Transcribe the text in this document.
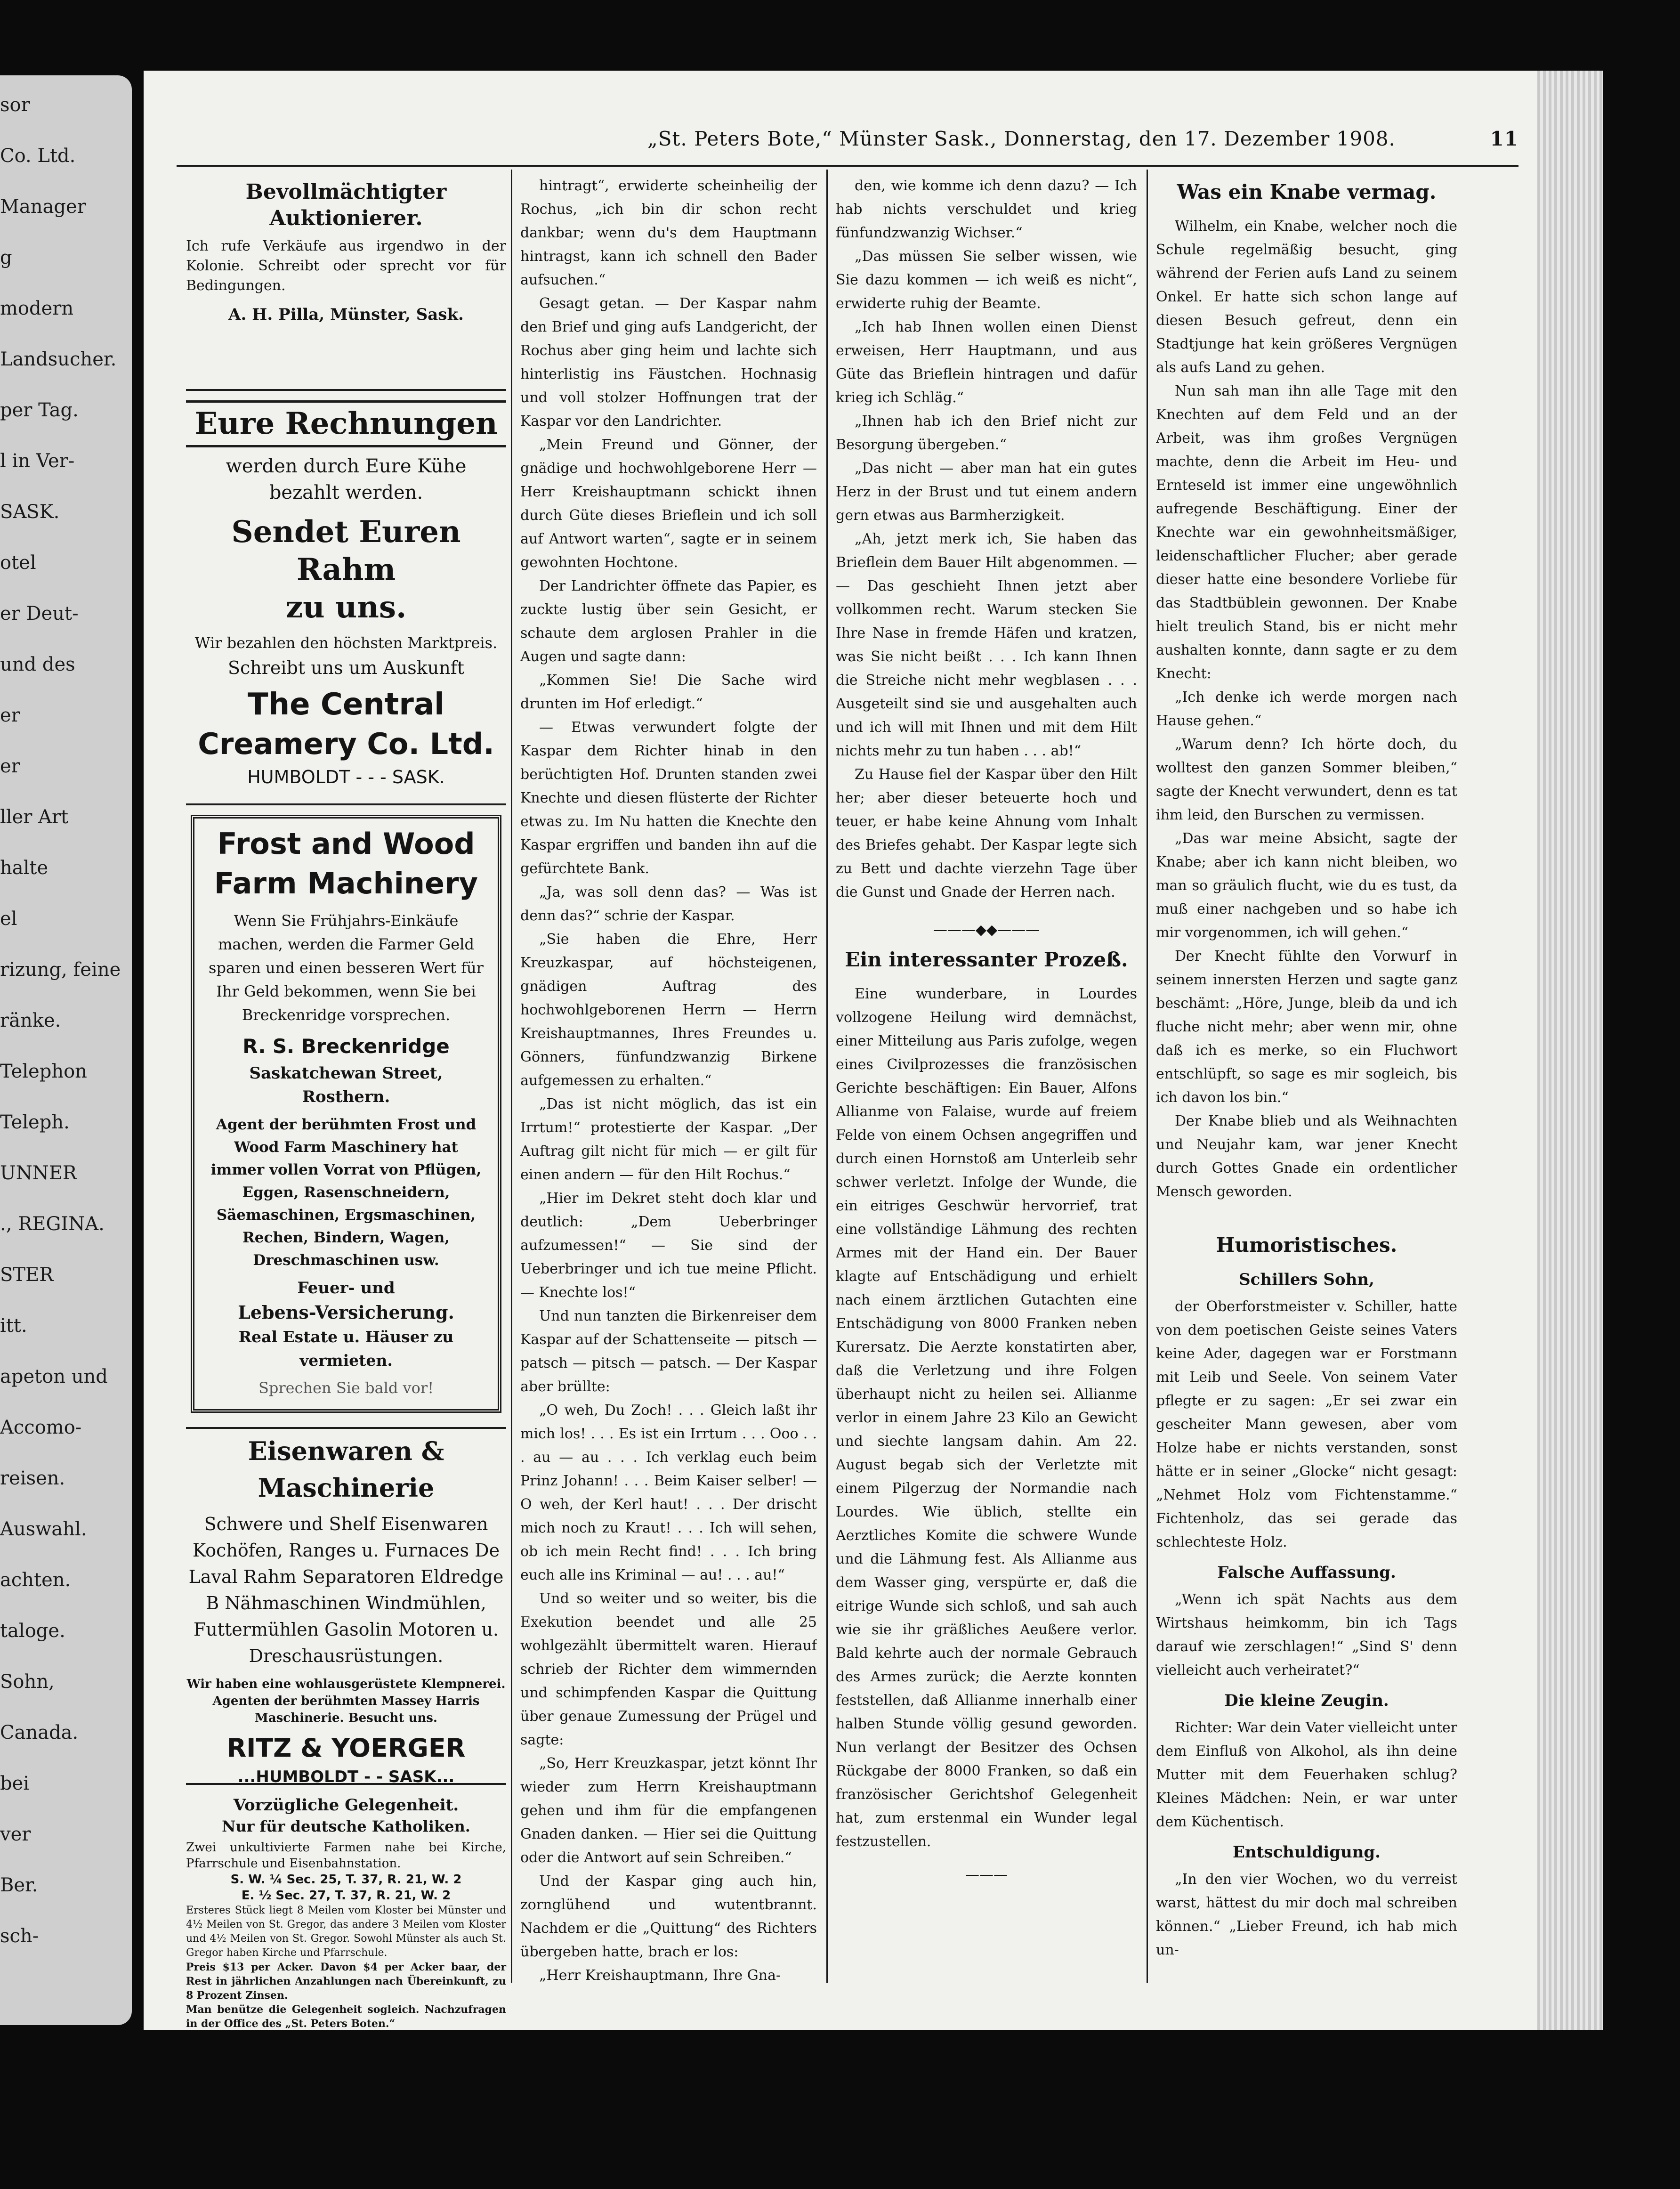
sor
Co. Ltd.
Manager
g
modern
Landsucher.
per Tag.
l in Ver-
SASK.
otel
er Deut-
und des
er
er
ller Art
halte
el
rizung, feine
ränke.
Telephon
Teleph.
UNNER
., REGINA.
STER
itt.
apeton und
Accomo-
reisen.
Auswahl.
achten.
taloge.
Sohn,
Canada.
bei
ver
Ber.
sch-
„St. Peters Bote,“ Münster Sask., Donnerstag, den 17. Dezember 1908.	11
Bevollmächtigter Auktionierer.
Ich rufe Verkäufe aus irgendwo in der Kolonie. Schreibt oder sprecht vor für Bedingungen.
A. H. Pilla, Münster, Sask.
Eure Rechnungen
werden durch Eure Kühe
bezahlt werden.
Sendet Euren Rahm
zu uns.
Wir bezahlen den höchsten Marktpreis.
Schreibt uns um Auskunft
The Central
Creamery Co. Ltd.
HUMBOLDT - - - SASK.
Frost and Wood
Farm Machinery
Wenn Sie Frühjahrs-Einkäufe machen, werden die Farmer Geld sparen und einen besseren Wert für Ihr Geld bekommen, wenn Sie bei Breckenridge vorsprechen.
R. S. Breckenridge
Saskatchewan Street, Rosthern.
Agent der berühmten Frost und Wood Farm Maschinery hat immer vollen Vorrat von Pflügen, Eggen, Rasenschneidern, Säemaschinen, Ergsmaschinen, Rechen, Bindern, Wagen, Dreschmaschinen usw.
Feuer- und
Lebens-Versicherung.
Real Estate u. Häuser zu vermieten.
Sprechen Sie bald vor!
Eisenwaren & Maschinerie
Schwere und Shelf Eisenwaren Kochöfen, Ranges u. Furnaces De Laval Rahm Separatoren Eldredge B Nähmaschinen Windmühlen, Futtermühlen Gasolin Motoren u. Dreschausrüstungen.
Wir haben eine wohlausgerüstete Klempnerei. Agenten der berühmten Massey Harris Maschinerie. Besucht uns.
RITZ & YOERGER
...HUMBOLDT - - SASK...
Vorzügliche Gelegenheit.
Nur für deutsche Katholiken.
Zwei unkultivierte Farmen nahe bei Kirche, Pfarrschule und Eisenbahnstation.
S. W. ¼ Sec. 25, T. 37, R. 21, W. 2
E. ½ Sec. 27, T. 37, R. 21, W. 2
Ersteres Stück liegt 8 Meilen vom Kloster bei Münster und 4½ Meilen von St. Gregor, das andere 3 Meilen vom Kloster und 4½ Meilen von St. Gregor. Sowohl Münster als auch St. Gregor haben Kirche und Pfarrschule.
Preis $13 per Acker. Davon $4 per Acker baar, der Rest in jährlichen Anzahlungen nach Übereinkunft, zu 8 Prozent Zinsen.
Man benütze die Gelegenheit sogleich. Nachzufragen in der Office des „St. Peters Boten.“

hintragt“, erwiderte scheinheilig der Rochus, „ich bin dir schon recht dankbar; wenn du's dem Hauptmann hintragst, kann ich schnell den Bader aufsuchen.“

Gesagt getan. — Der Kaspar nahm den Brief und ging aufs Landgericht, der Rochus aber ging heim und lachte sich hinterlistig ins Fäustchen. Hochnasig und voll stolzer Hoffnungen trat der Kaspar vor den Landrichter.

„Mein Freund und Gönner, der gnädige und hochwohlgeborene Herr — Herr Kreishauptmann schickt ihnen durch Güte dieses Brieflein und ich soll auf Antwort warten“, sagte er in seinem gewohnten Hochtone.

Der Landrichter öffnete das Papier, es zuckte lustig über sein Gesicht, er schaute dem arglosen Prahler in die Augen und sagte dann:

„Kommen Sie! Die Sache wird drunten im Hof erledigt.“

— Etwas verwundert folgte der Kaspar dem Richter hinab in den berüchtigten Hof. Drunten standen zwei Knechte und diesen flüsterte der Richter etwas zu. Im Nu hatten die Knechte den Kaspar ergriffen und banden ihn auf die gefürchtete Bank.

„Ja, was soll denn das? — Was ist denn das?“ schrie der Kaspar.

„Sie haben die Ehre, Herr Kreuzkaspar, auf höchsteigenen, gnädigen Auftrag des hochwohlgeborenen Herrn — Herrn Kreishauptmannes, Ihres Freundes u. Gönners, fünfundzwanzig Birkene aufgemessen zu erhalten.“

„Das ist nicht möglich, das ist ein Irrtum!“ protestierte der Kaspar. „Der Auftrag gilt nicht für mich — er gilt für einen andern — für den Hilt Rochus.“

„Hier im Dekret steht doch klar und deutlich: „Dem Ueberbringer aufzumessen!“ — Sie sind der Ueberbringer und ich tue meine Pflicht. — Knechte los!“

Und nun tanzten die Birkenreiser dem Kaspar auf der Schattenseite — pitsch — patsch — pitsch — patsch. — Der Kaspar aber brüllte:

„O weh, Du Zoch! . . . Gleich laßt ihr mich los! . . . Es ist ein Irrtum . . . Ooo . . . au — au . . . Ich verklag euch beim Prinz Johann! . . . Beim Kaiser selber! — O weh, der Kerl haut! . . . Der drischt mich noch zu Kraut! . . . Ich will sehen, ob ich mein Recht find! . . . Ich bring euch alle ins Kriminal — au! . . . au!“

Und so weiter und so weiter, bis die Exekution beendet und alle 25 wohlgezählt übermittelt waren. Hierauf schrieb der Richter dem wimmernden und schimpfenden Kaspar die Quittung über genaue Zumessung der Prügel und sagte:

„So, Herr Kreuzkaspar, jetzt könnt Ihr wieder zum Herrn Kreishauptmann gehen und ihm für die empfangenen Gnaden danken. — Hier sei die Quittung oder die Antwort auf sein Schreiben.“

Und der Kaspar ging auch hin, zornglühend und wutentbrannt. Nachdem er die „Quittung“ des Richters übergeben hatte, brach er los:

„Herr Kreishauptmann, Ihre Gna-

den, wie komme ich denn dazu? — Ich hab nichts verschuldet und krieg fünfundzwanzig Wichser.“

„Das müssen Sie selber wissen, wie Sie dazu kommen — ich weiß es nicht“, erwiderte ruhig der Beamte.

„Ich hab Ihnen wollen einen Dienst erweisen, Herr Hauptmann, und aus Güte das Brieflein hintragen und dafür krieg ich Schläg.“

„Ihnen hab ich den Brief nicht zur Besorgung übergeben.“

„Das nicht — aber man hat ein gutes Herz in der Brust und tut einem andern gern etwas aus Barmherzigkeit.

„Ah, jetzt merk ich, Sie haben das Brieflein dem Bauer Hilt abgenommen. — — Das geschieht Ihnen jetzt aber vollkommen recht. Warum stecken Sie Ihre Nase in fremde Häfen und kratzen, was Sie nicht beißt . . . Ich kann Ihnen die Streiche nicht mehr wegblasen . . . Ausgeteilt sind sie und ausgehalten auch und ich will mit Ihnen und mit dem Hilt nichts mehr zu tun haben . . . ab!“

Zu Hause fiel der Kaspar über den Hilt her; aber dieser beteuerte hoch und teuer, er habe keine Ahnung vom Inhalt des Briefes gehabt. Der Kaspar legte sich zu Bett und dachte vierzehn Tage über die Gunst und Gnade der Herren nach.

———◆◆———
Ein interessanter Prozeß.

Eine wunderbare, in Lourdes vollzogene Heilung wird demnächst, einer Mitteilung aus Paris zufolge, wegen eines Civilprozesses die französischen Gerichte beschäftigen: Ein Bauer, Alfons Allianme von Falaise, wurde auf freiem Felde von einem Ochsen angegriffen und durch einen Hornstoß am Unterleib sehr schwer verletzt. Infolge der Wunde, die ein eitriges Geschwür hervorrief, trat eine vollständige Lähmung des rechten Armes mit der Hand ein. Der Bauer klagte auf Entschädigung und erhielt nach einem ärztlichen Gutachten eine Entschädigung von 8000 Franken neben Kurersatz. Die Aerzte konstatirten aber, daß die Verletzung und ihre Folgen überhaupt nicht zu heilen sei. Allianme verlor in einem Jahre 23 Kilo an Gewicht und siechte langsam dahin. Am 22. August begab sich der Verletzte mit einem Pilgerzug der Normandie nach Lourdes. Wie üblich, stellte ein Aerztliches Komite die schwere Wunde und die Lähmung fest. Als Allianme aus dem Wasser ging, verspürte er, daß die eitrige Wunde sich schloß, und sah auch wie sie ihr gräßliches Aeußere verlor. Bald kehrte auch der normale Gebrauch des Armes zurück; die Aerzte konnten feststellen, daß Allianme innerhalb einer halben Stunde völlig gesund geworden. Nun verlangt der Besitzer des Ochsen Rückgabe der 8000 Franken, so daß ein französischer Gerichtshof Gelegenheit hat, zum erstenmal ein Wunder legal festzustellen.

———
Was ein Knabe vermag.

Wilhelm, ein Knabe, welcher noch die Schule regelmäßig besucht, ging während der Ferien aufs Land zu seinem Onkel. Er hatte sich schon lange auf diesen Besuch gefreut, denn ein Stadtjunge hat kein größeres Vergnügen als aufs Land zu gehen.

Nun sah man ihn alle Tage mit den Knechten auf dem Feld und an der Arbeit, was ihm großes Vergnügen machte, denn die Arbeit im Heu- und Ernteseld ist immer eine ungewöhnlich aufregende Beschäftigung. Einer der Knechte war ein gewohnheitsmäßiger, leidenschaftlicher Flucher; aber gerade dieser hatte eine besondere Vorliebe für das Stadtbüblein gewonnen. Der Knabe hielt treulich Stand, bis er nicht mehr aushalten konnte, dann sagte er zu dem Knecht:

„Ich denke ich werde morgen nach Hause gehen.“

„Warum denn? Ich hörte doch, du wolltest den ganzen Sommer bleiben,“ sagte der Knecht verwundert, denn es tat ihm leid, den Burschen zu vermissen.

„Das war meine Absicht, sagte der Knabe; aber ich kann nicht bleiben, wo man so gräulich flucht, wie du es tust, da muß einer nachgeben und so habe ich mir vorgenommen, ich will gehen.“

Der Knecht fühlte den Vorwurf in seinem innersten Herzen und sagte ganz beschämt: „Höre, Junge, bleib da und ich fluche nicht mehr; aber wenn mir, ohne daß ich es merke, so ein Fluchwort entschlüpft, so sage es mir sogleich, bis ich davon los bin.“

Der Knabe blieb und als Weihnachten und Neujahr kam, war jener Knecht durch Gottes Gnade ein ordentlicher Mensch geworden.

Humoristisches.
Schillers Sohn,

der Oberforstmeister v. Schiller, hatte von dem poetischen Geiste seines Vaters keine Ader, dagegen war er Forstmann mit Leib und Seele. Von seinem Vater pflegte er zu sagen: „Er sei zwar ein gescheiter Mann gewesen, aber vom Holze habe er nichts verstanden, sonst hätte er in seiner „Glocke“ nicht gesagt: „Nehmet Holz vom Fichtenstamme.“ Fichtenholz, das sei gerade das schlechteste Holz.

Falsche Auffassung.

„Wenn ich spät Nachts aus dem Wirtshaus heimkomm, bin ich Tags darauf wie zerschlagen!“ „Sind S' denn vielleicht auch verheiratet?“

Die kleine Zeugin.

Richter: War dein Vater vielleicht unter dem Einfluß von Alkohol, als ihn deine Mutter mit dem Feuerhaken schlug? Kleines Mädchen: Nein, er war unter dem Küchentisch.

Entschuldigung.

„In den vier Wochen, wo du verreist warst, hättest du mir doch mal schreiben können.“ „Lieber Freund, ich hab mich un-
